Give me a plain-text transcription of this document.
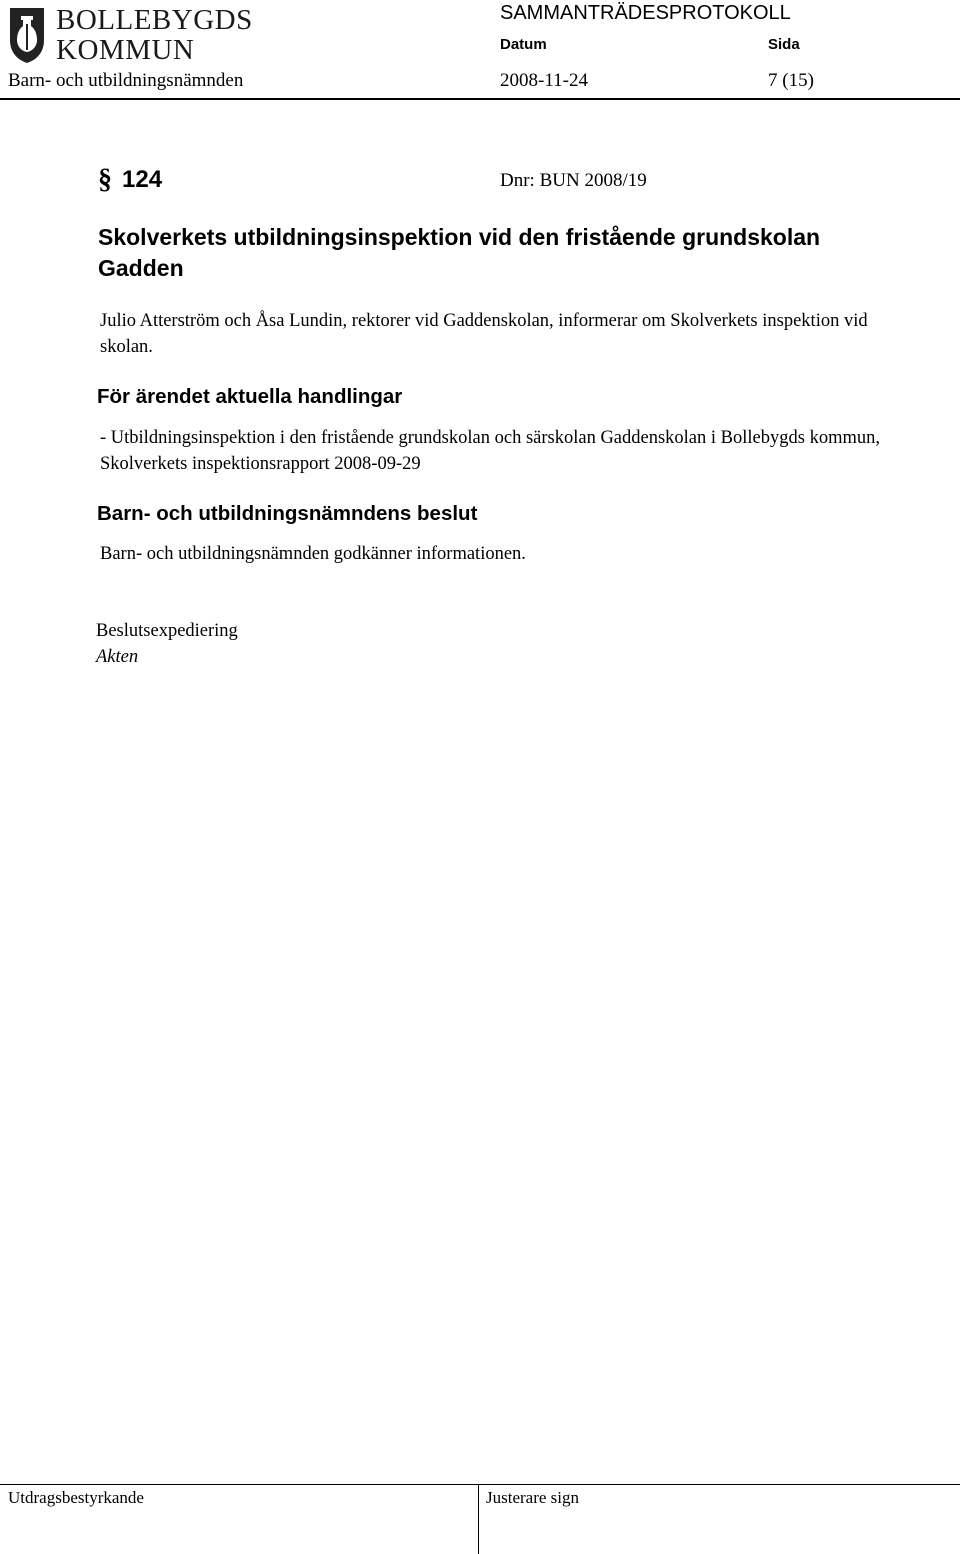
BOLLEBYGDS
KOMMUN
SAMMANTRÄDESPROTOKOLL
Datum	Sida
Barn- och utbildningsnämnden	2008-11-24	7 (15)
§ 124	Dnr: BUN 2008/19
Skolverkets utbildningsinspektion vid den fristående grundskolan Gadden
Julio Atterström och Åsa Lundin, rektorer vid Gaddenskolan, informerar om Skolverkets inspektion vid skolan.
För ärendet aktuella handlingar
- Utbildningsinspektion i den fristående grundskolan och särskolan Gaddenskolan i Bollebygds kommun, Skolverkets inspektionsrapport 2008-09-29
Barn- och utbildningsnämndens beslut
Barn- och utbildningsnämnden godkänner informationen.
Beslutsexpediering
Akten
Utdragsbestyrkande	Justerare sign
